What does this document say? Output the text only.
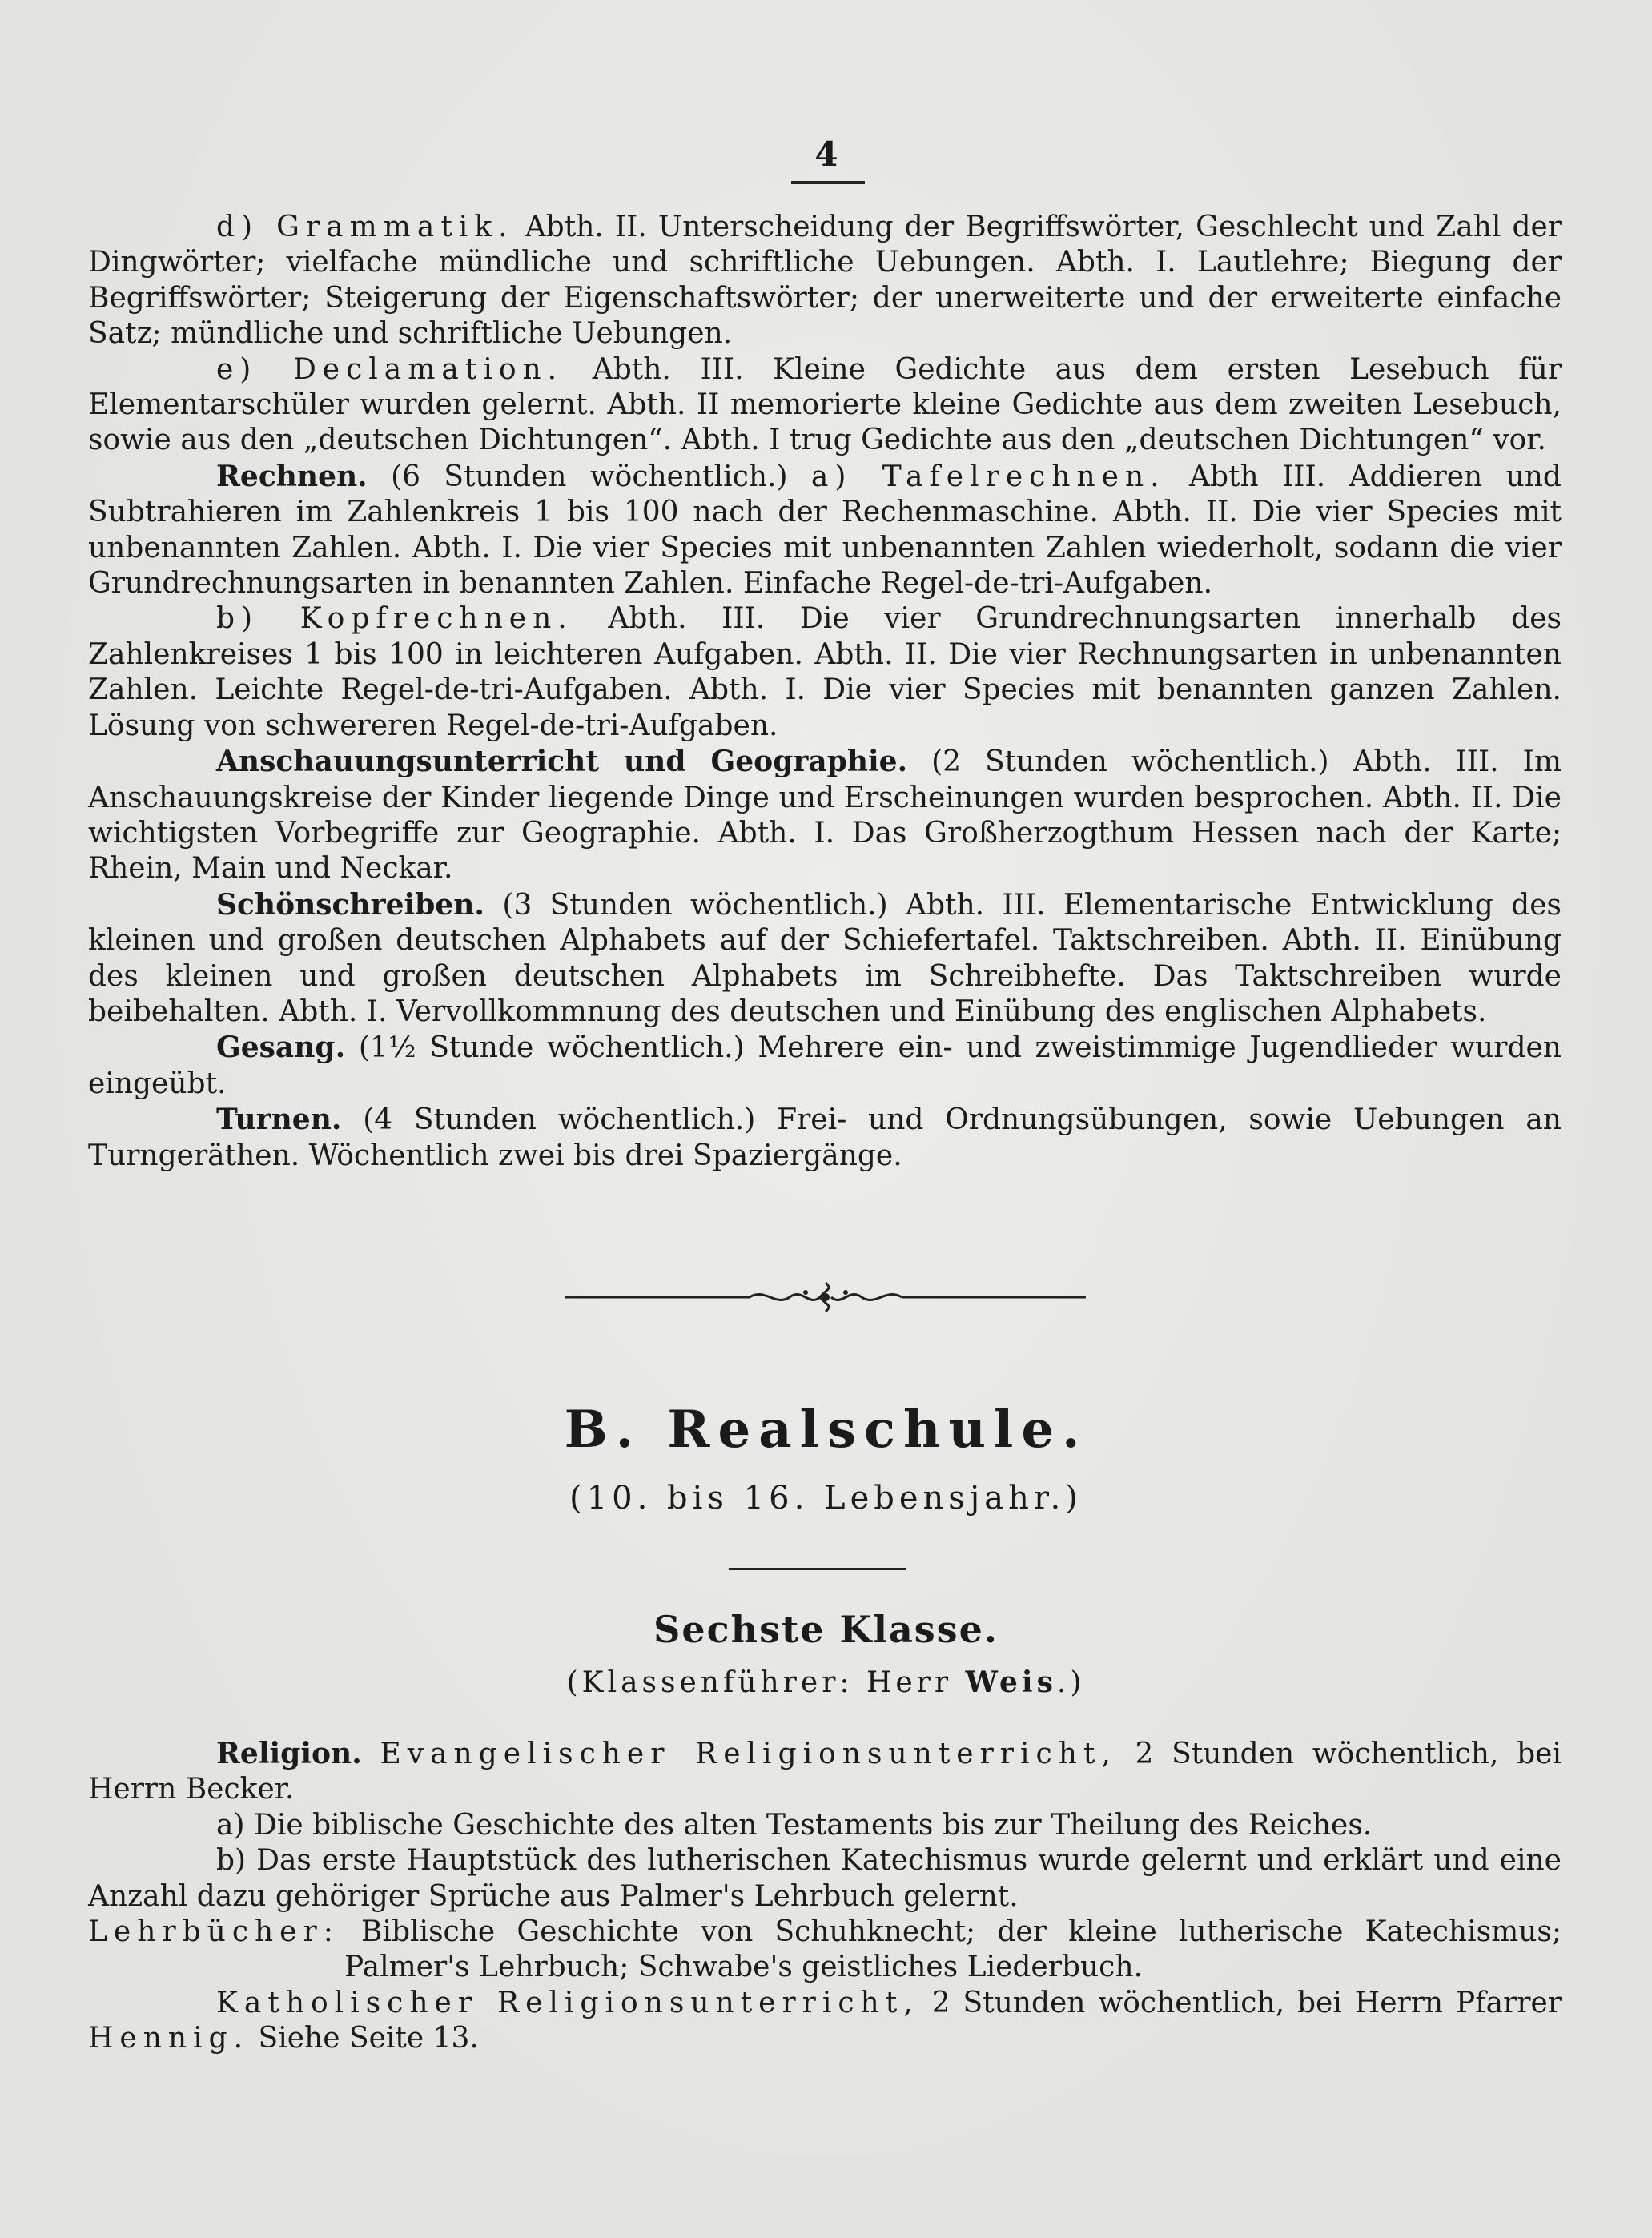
4

d) Grammatik. Abth. II. Unterscheidung der Begriffswörter, Geschlecht und Zahl der Dingwörter; vielfache mündliche und schriftliche Uebungen. Abth. I. Lautlehre; Biegung der Begriffswörter; Steigerung der Eigenschaftswörter; der unerweiterte und der erweiterte einfache Satz; mündliche und schriftliche Uebungen.

e) Declamation. Abth. III. Kleine Gedichte aus dem ersten Lesebuch für Elementarschüler wurden gelernt. Abth. II memorierte kleine Gedichte aus dem zweiten Lesebuch, sowie aus den „deutschen Dichtungen“. Abth. I trug Gedichte aus den „deutschen Dichtungen“ vor.

Rechnen. (6 Stunden wöchentlich.) a) Tafelrechnen. Abth III. Addieren und Subtrahieren im Zahlenkreis 1 bis 100 nach der Rechenmaschine. Abth. II. Die vier Species mit unbenannten Zahlen. Abth. I. Die vier Species mit unbenannten Zahlen wiederholt, sodann die vier Grundrechnungsarten in benannten Zahlen. Einfache Regel-de-tri-Aufgaben.

b) Kopfrechnen. Abth. III. Die vier Grundrechnungsarten innerhalb des Zahlenkreises 1 bis 100 in leichteren Aufgaben. Abth. II. Die vier Rechnungsarten in unbenannten Zahlen. Leichte Regel-de-tri-Aufgaben. Abth. I. Die vier Species mit benannten ganzen Zahlen. Lösung von schwereren Regel-de-tri-Aufgaben.

Anschauungsunterricht und Geographie. (2 Stunden wöchentlich.) Abth. III. Im Anschauungskreise der Kinder liegende Dinge und Erscheinungen wurden besprochen. Abth. II. Die wichtigsten Vorbegriffe zur Geographie. Abth. I. Das Großherzogthum Hessen nach der Karte; Rhein, Main und Neckar.

Schönschreiben. (3 Stunden wöchentlich.) Abth. III. Elementarische Entwicklung des kleinen und großen deutschen Alphabets auf der Schiefertafel. Taktschreiben. Abth. II. Einübung des kleinen und großen deutschen Alphabets im Schreibhefte. Das Taktschreiben wurde beibehalten. Abth. I. Vervollkommnung des deutschen und Einübung des englischen Alphabets.

Gesang. (1½ Stunde wöchentlich.) Mehrere ein- und zweistimmige Jugendlieder wurden eingeübt.

Turnen. (4 Stunden wöchentlich.) Frei- und Ordnungsübungen, sowie Uebungen an Turngeräthen. Wöchentlich zwei bis drei Spaziergänge.

B. Realschule.
(10. bis 16. Lebensjahr.)
Sechste Klasse.
(Klassenführer: Herr Weis.)

Religion. Evangelischer Religionsunterricht, 2 Stunden wöchentlich, bei Herrn Becker.

a) Die biblische Geschichte des alten Testaments bis zur Theilung des Reiches.

b) Das erste Hauptstück des lutherischen Katechismus wurde gelernt und erklärt und eine Anzahl dazu gehöriger Sprüche aus Palmer's Lehrbuch gelernt.

Lehrbücher: Biblische Geschichte von Schuhknecht; der kleine lutherische Katechismus; Palmer's Lehrbuch; Schwabe's geistliches Liederbuch.

Katholischer Religionsunterricht, 2 Stunden wöchentlich, bei Herrn Pfarrer Hennig. Siehe Seite 13.
